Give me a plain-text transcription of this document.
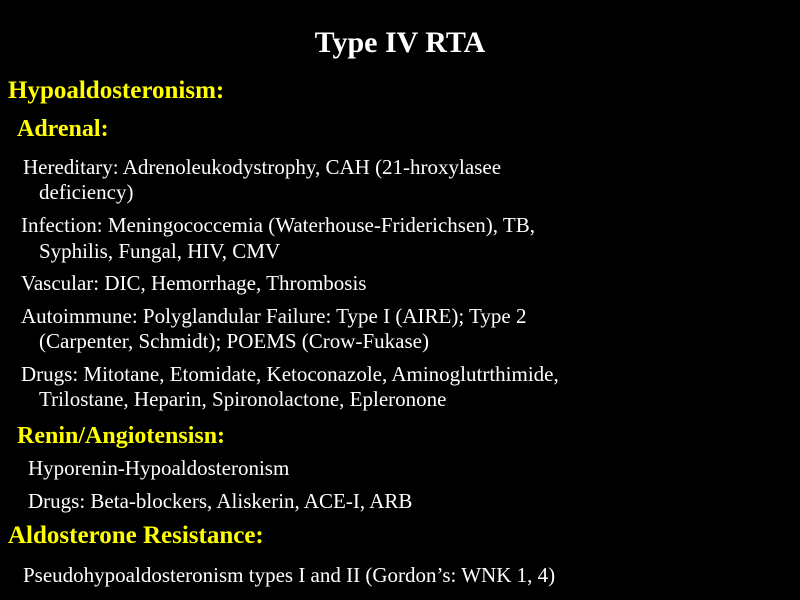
Type IV RTA
Hypoaldosteronism:
Adrenal:
Hereditary: Adrenoleukodystrophy, CAH (21-hroxylasee
deficiency)
Infection: Meningococcemia (Waterhouse-Friderichsen), TB,
Syphilis, Fungal, HIV, CMV
Vascular: DIC, Hemorrhage, Thrombosis
Autoimmune: Polyglandular Failure: Type I (AIRE); Type 2
(Carpenter, Schmidt); POEMS (Crow-Fukase)
Drugs: Mitotane, Etomidate, Ketoconazole, Aminoglutrthimide,
Trilostane, Heparin, Spironolactone, Epleronone
Renin/Angiotensisn:
Hyporenin-Hypoaldosteronism
Drugs: Beta-blockers, Aliskerin, ACE-I, ARB
Aldosterone Resistance:
Pseudohypoaldosteronism types I and II (Gordon’s: WNK 1, 4)
